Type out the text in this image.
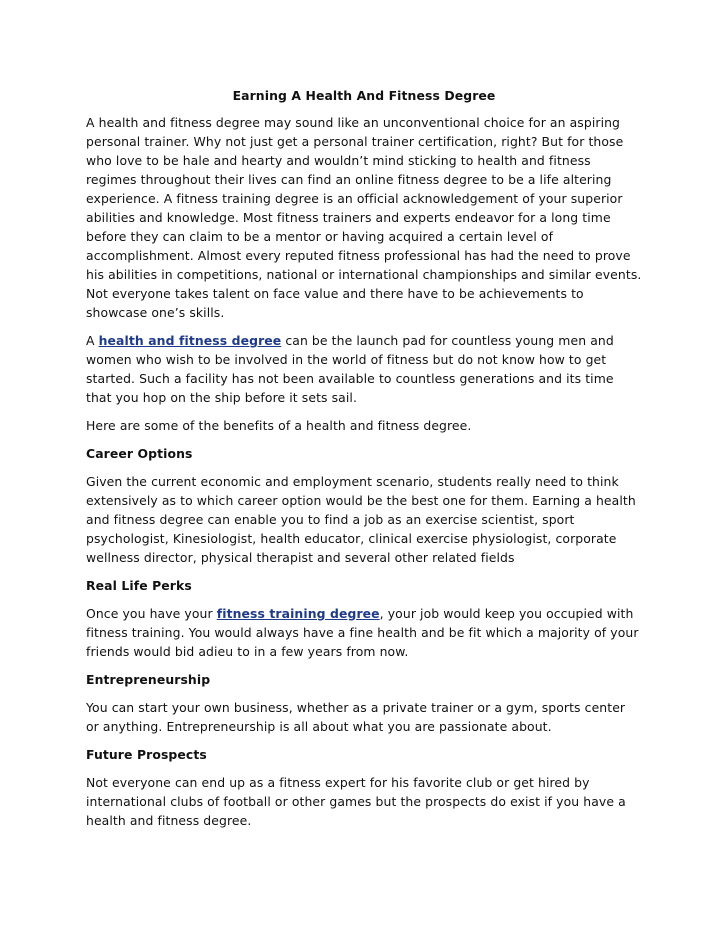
Earning A Health And Fitness Degree

A health and fitness degree may sound like an unconventional choice for an aspiring personal trainer. Why not just get a personal trainer certification, right? But for those who love to be hale and hearty and wouldn’t mind sticking to health and fitness regimes throughout their lives can find an online fitness degree to be a life altering experience. A fitness training degree is an official acknowledgement of your superior abilities and knowledge. Most fitness trainers and experts endeavor for a long time before they can claim to be a mentor or having acquired a certain level of accomplishment. Almost every reputed fitness professional has had the need to prove his abilities in competitions, national or international championships and similar events. Not everyone takes talent on face value and there have to be achievements to showcase one’s skills.

A health and fitness degree can be the launch pad for countless young men and women who wish to be involved in the world of fitness but do not know how to get started. Such a facility has not been available to countless generations and its time that you hop on the ship before it sets sail.

Here are some of the benefits of a health and fitness degree.

Career Options

Given the current economic and employment scenario, students really need to think extensively as to which career option would be the best one for them. Earning a health and fitness degree can enable you to find a job as an exercise scientist, sport psychologist, Kinesiologist, health educator, clinical exercise physiologist, corporate wellness director, physical therapist and several other related fields

Real Life Perks

Once you have your fitness training degree, your job would keep you occupied with fitness training. You would always have a fine health and be fit which a majority of your friends would bid adieu to in a few years from now.

Entrepreneurship

You can start your own business, whether as a private trainer or a gym, sports center or anything. Entrepreneurship is all about what you are passionate about.

Future Prospects

Not everyone can end up as a fitness expert for his favorite club or get hired by international clubs of football or other games but the prospects do exist if you have a health and fitness degree.
